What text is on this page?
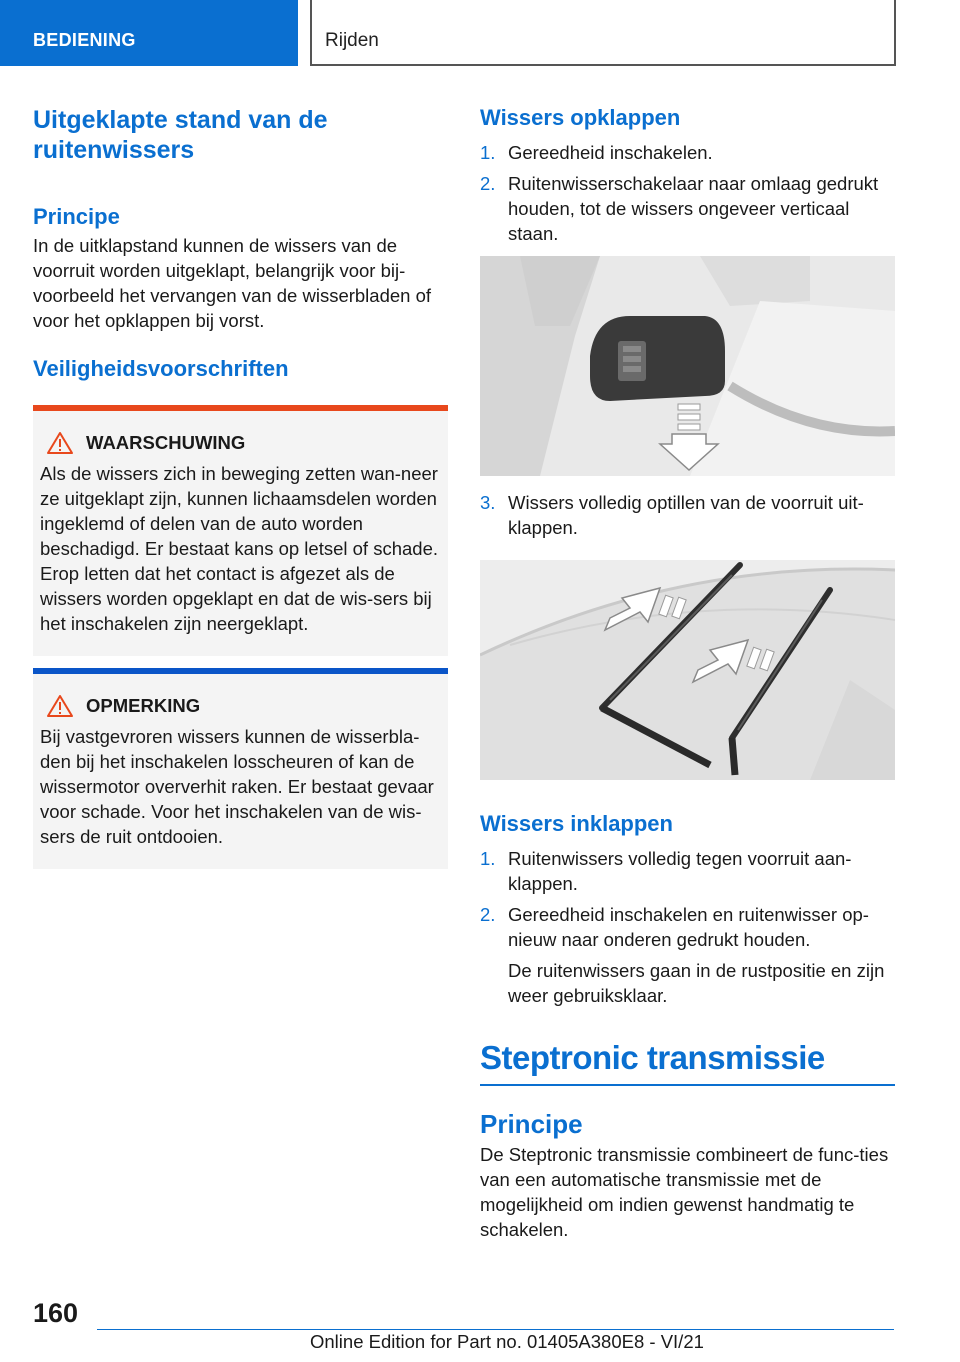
BEDIENING	Rijden
Uitgeklapte stand van de ruitenwissers
Principe
In de uitklapstand kunnen de wissers van de voorruit worden uitgeklapt, belangrijk voor bij-voorbeeld het vervangen van de wisserbladen of voor het opklappen bij vorst.
Veiligheidsvoorschriften
WAARSCHUWING
Als de wissers zich in beweging zetten wan-neer ze uitgeklapt zijn, kunnen lichaamsdelen worden ingeklemd of delen van de auto worden beschadigd. Er bestaat kans op letsel of schade. Erop letten dat het contact is afgezet als de wissers worden opgeklapt en dat de wis-sers bij het inschakelen zijn neergeklapt.
OPMERKING
Bij vastgevroren wissers kunnen de wisserbla-den bij het inschakelen losscheuren of kan de wissermotor oververhit raken. Er bestaat gevaar voor schade. Voor het inschakelen van de wis-sers de ruit ontdooien.
Wissers opklappen
1. Gereedheid inschakelen.
2. Ruitenwisserschakelaar naar omlaag gedrukt houden, tot de wissers ongeveer verticaal staan.
3. Wissers volledig optillen van de voorruit uit-klappen.
Wissers inklappen
1. Ruitenwissers volledig tegen voorruit aan-klappen.
2. Gereedheid inschakelen en ruitenwisser op-nieuw naar onderen gedrukt houden.
De ruitenwissers gaan in de rustpositie en zijn weer gebruiksklaar.
Steptronic transmissie
Principe
De Steptronic transmissie combineert de func-ties van een automatische transmissie met de mogelijkheid om indien gewenst handmatig te schakelen.
160
Online Edition for Part no. 01405A380E8 - VI/21
